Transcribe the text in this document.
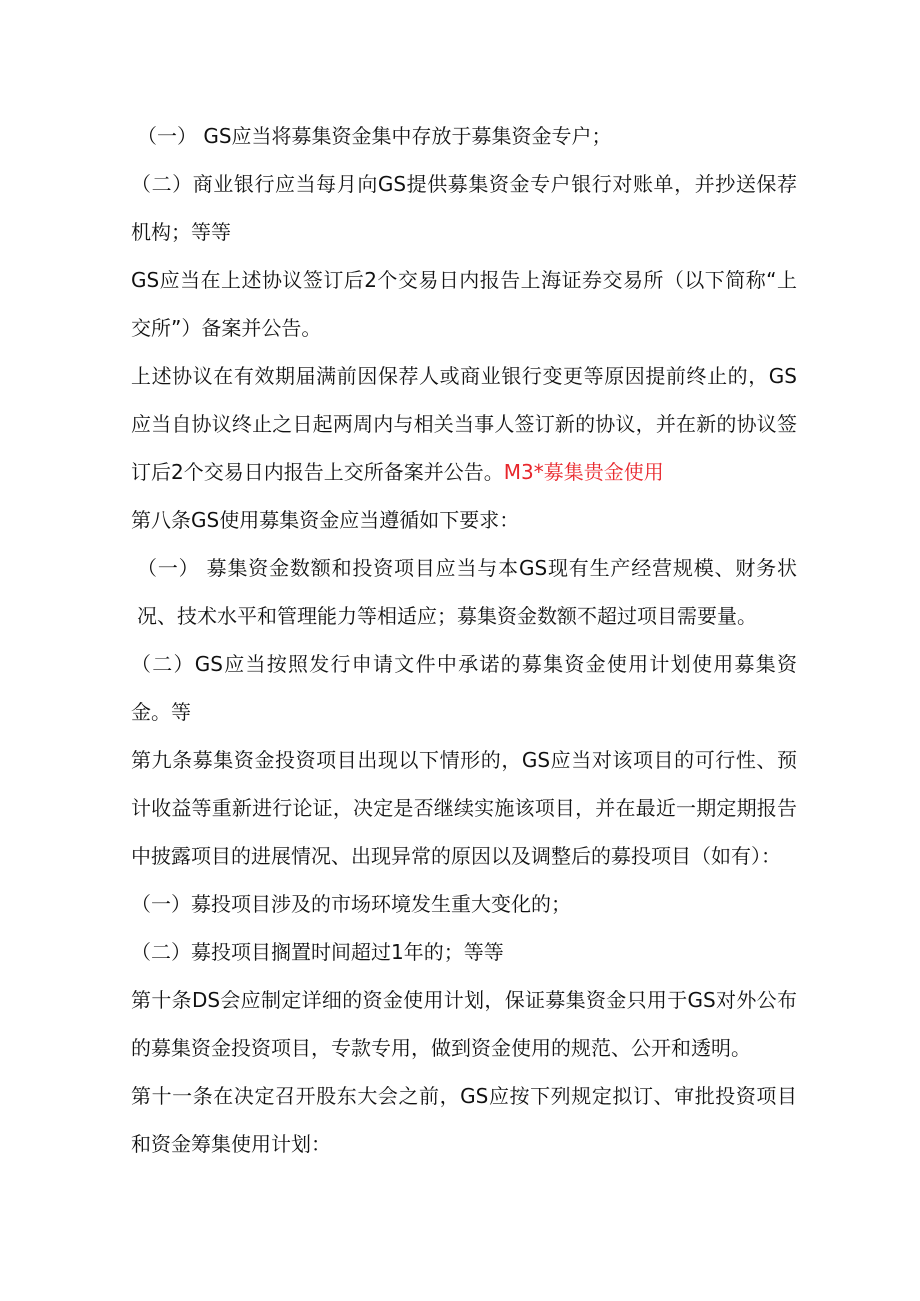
（一） GS应当将募集资金集中存放于募集资金专户；

（二）商业银行应当每月向GS提供募集资金专户银行对账单，并抄送保荐机构；等等

GS应当在上述协议签订后2个交易日内报告上海证券交易所（以下简称“上交所”）备案并公告。

上述协议在有效期届满前因保荐人或商业银行变更等原因提前终止的，GS应当自协议终止之日起两周内与相关当事人签订新的协议，并在新的协议签订后2个交易日内报告上交所备案并公告。M3*募集贵金使用

第八条GS使用募集资金应当遵循如下要求：

（一） 募集资金数额和投资项目应当与本GS现有生产经营规模、财务状况、技术水平和管理能力等相适应；募集资金数额不超过项目需要量。

（二）GS应当按照发行申请文件中承诺的募集资金使用计划使用募集资金。等

第九条募集资金投资项目出现以下情形的，GS应当对该项目的可行性、预计收益等重新进行论证，决定是否继续实施该项目，并在最近一期定期报告中披露项目的进展情况、出现异常的原因以及调整后的募投项目（如有）：

（一）募投项目涉及的市场环境发生重大变化的；

（二）募投项目搁置时间超过1年的；等等

第十条DS会应制定详细的资金使用计划，保证募集资金只用于GS对外公布的募集资金投资项目，专款专用，做到资金使用的规范、公开和透明。

第十一条在决定召开股东大会之前，GS应按下列规定拟订、审批投资项目和资金筹集使用计划：
